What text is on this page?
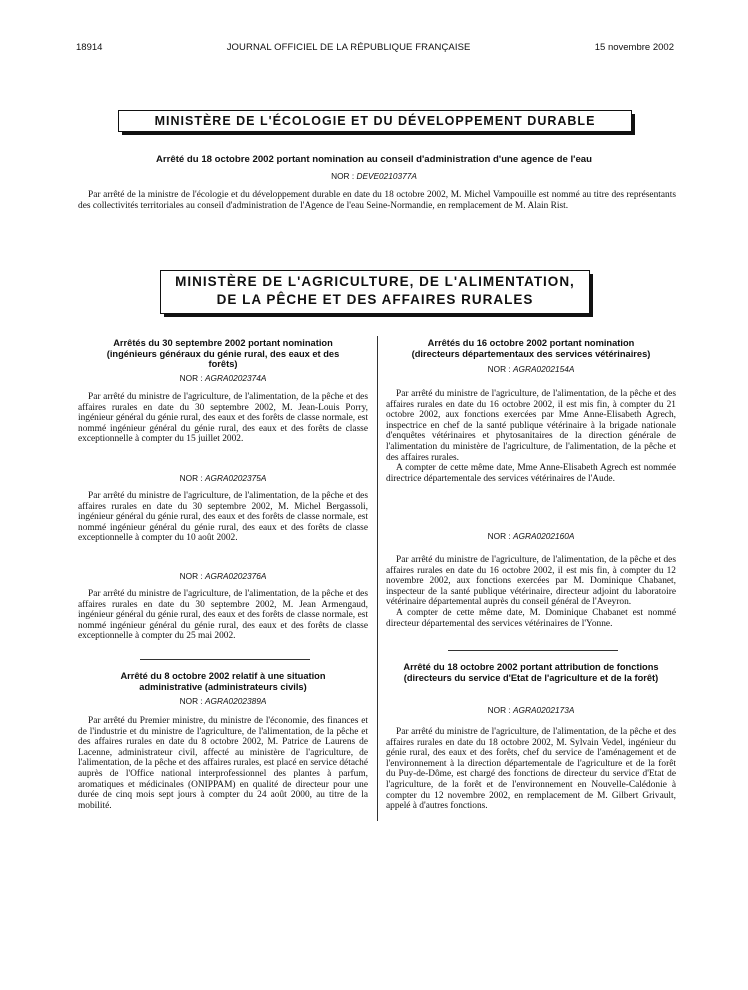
18914	JOURNAL OFFICIEL DE LA RÉPUBLIQUE FRANÇAISE	15 novembre 2002
MINISTÈRE DE L'ÉCOLOGIE ET DU DÉVELOPPEMENT DURABLE
Arrêté du 18 octobre 2002 portant nomination au conseil d'administration d'une agence de l'eau
NOR : DEVE0210377A

Par arrêté de la ministre de l'écologie et du développement durable en date du 18 octobre 2002, M. Michel Vampouille est nommé au titre des représentants des collectivités territoriales au conseil d'administration de l'Agence de l'eau Seine-Normandie, en remplacement de M. Alain Rist.

MINISTÈRE DE L'AGRICULTURE, DE L'ALIMENTATION,
DE LA PÊCHE ET DES AFFAIRES RURALES
Arrêtés du 30 septembre 2002 portant nomination (ingénieurs généraux du génie rural, des eaux et des forêts)
NOR : AGRA0202374A

Par arrêté du ministre de l'agriculture, de l'alimentation, de la pêche et des affaires rurales en date du 30 septembre 2002, M. Jean-Louis Porry, ingénieur général du génie rural, des eaux et des forêts de classe normale, est nommé ingénieur général du génie rural, des eaux et des forêts de classe exceptionnelle à compter du 15 juillet 2002.

NOR : AGRA0202375A

Par arrêté du ministre de l'agriculture, de l'alimentation, de la pêche et des affaires rurales en date du 30 septembre 2002, M. Michel Bergassoli, ingénieur général du génie rural, des eaux et des forêts de classe normale, est nommé ingénieur général du génie rural, des eaux et des forêts de classe exceptionnelle à compter du 10 août 2002.

NOR : AGRA0202376A

Par arrêté du ministre de l'agriculture, de l'alimentation, de la pêche et des affaires rurales en date du 30 septembre 2002, M. Jean Armengaud, ingénieur général du génie rural, des eaux et des forêts de classe normale, est nommé ingénieur général du génie rural, des eaux et des forêts de classe exceptionnelle à compter du 25 mai 2002.

Arrêté du 8 octobre 2002 relatif à une situation administrative (administrateurs civils)
NOR : AGRA0202389A

Par arrêté du Premier ministre, du ministre de l'économie, des finances et de l'industrie et du ministre de l'agriculture, de l'alimentation, de la pêche et des affaires rurales en date du 8 octobre 2002, M. Patrice de Laurens de Lacenne, administrateur civil, affecté au ministère de l'agriculture, de l'alimentation, de la pêche et des affaires rurales, est placé en service détaché auprès de l'Office national interprofessionnel des plantes à parfum, aromatiques et médicinales (ONIPPAM) en qualité de directeur pour une durée de cinq mois sept jours à compter du 24 août 2000, au titre de la mobilité.

Arrêtés du 16 octobre 2002 portant nomination (directeurs départementaux des services vétérinaires)
NOR : AGRA0202154A

Par arrêté du ministre de l'agriculture, de l'alimentation, de la pêche et des affaires rurales en date du 16 octobre 2002, il est mis fin, à compter du 21 octobre 2002, aux fonctions exercées par Mme Anne-Elisabeth Agrech, inspectrice en chef de la santé publique vétérinaire à la brigade nationale d'enquêtes vétérinaires et phytosanitaires de la direction générale de l'alimentation du ministère de l'agriculture, de l'alimentation, de la pêche et des affaires rurales.

A compter de cette même date, Mme Anne-Elisabeth Agrech est nommée directrice départementale des services vétérinaires de l'Aude.

NOR : AGRA0202160A

Par arrêté du ministre de l'agriculture, de l'alimentation, de la pêche et des affaires rurales en date du 16 octobre 2002, il est mis fin, à compter du 12 novembre 2002, aux fonctions exercées par M. Dominique Chabanet, inspecteur de la santé publique vétérinaire, directeur adjoint du laboratoire vétérinaire départemental auprès du conseil général de l'Aveyron.

A compter de cette même date, M. Dominique Chabanet est nommé directeur départemental des services vétérinaires de l'Yonne.

Arrêté du 18 octobre 2002 portant attribution de fonctions (directeurs du service d'Etat de l'agriculture et de la forêt)
NOR : AGRA0202173A

Par arrêté du ministre de l'agriculture, de l'alimentation, de la pêche et des affaires rurales en date du 18 octobre 2002, M. Sylvain Vedel, ingénieur du génie rural, des eaux et des forêts, chef du service de l'aménagement et de l'environnement à la direction départementale de l'agriculture et de la forêt du Puy-de-Dôme, est chargé des fonctions de directeur du service d'Etat de l'agriculture, de la forêt et de l'environnement en Nouvelle-Calédonie à compter du 12 novembre 2002, en remplacement de M. Gilbert Grivault, appelé à d'autres fonctions.
